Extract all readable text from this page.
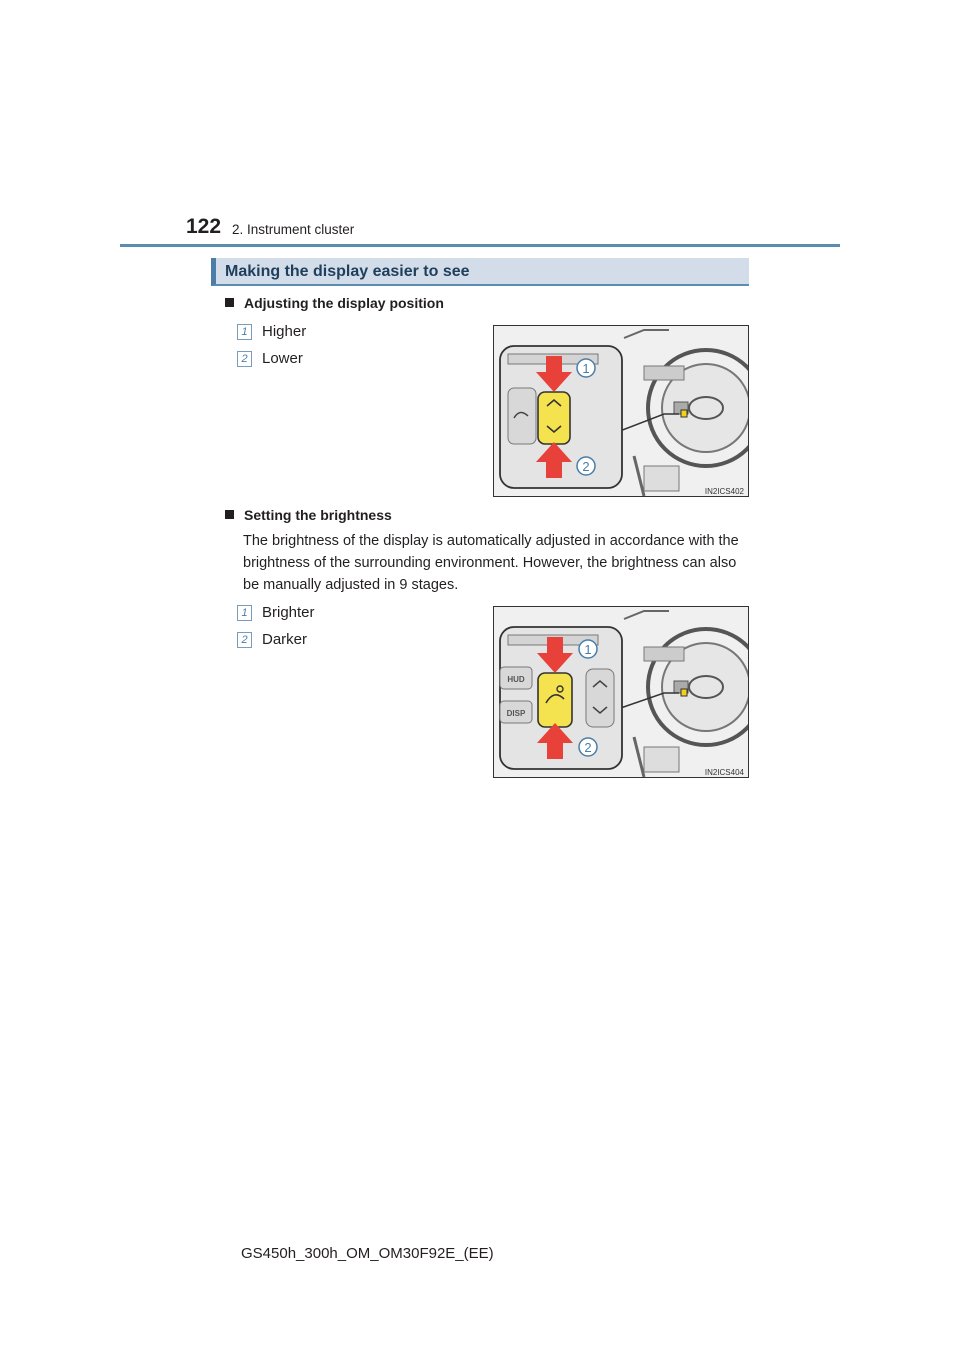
122 2. Instrument cluster
Making the display easier to see
Adjusting the display position
1 Higher
2 Lower
1
2
IN2ICS402
Setting the brightness
The brightness of the display is automatically adjusted in accordance with the brightness of the surrounding environment. However, the brightness can also be manually adjusted in 9 stages.
1 Brighter
2 Darker
HUD
DISP
1
2
IN2ICS404
GS450h_300h_OM_OM30F92E_(EE)
